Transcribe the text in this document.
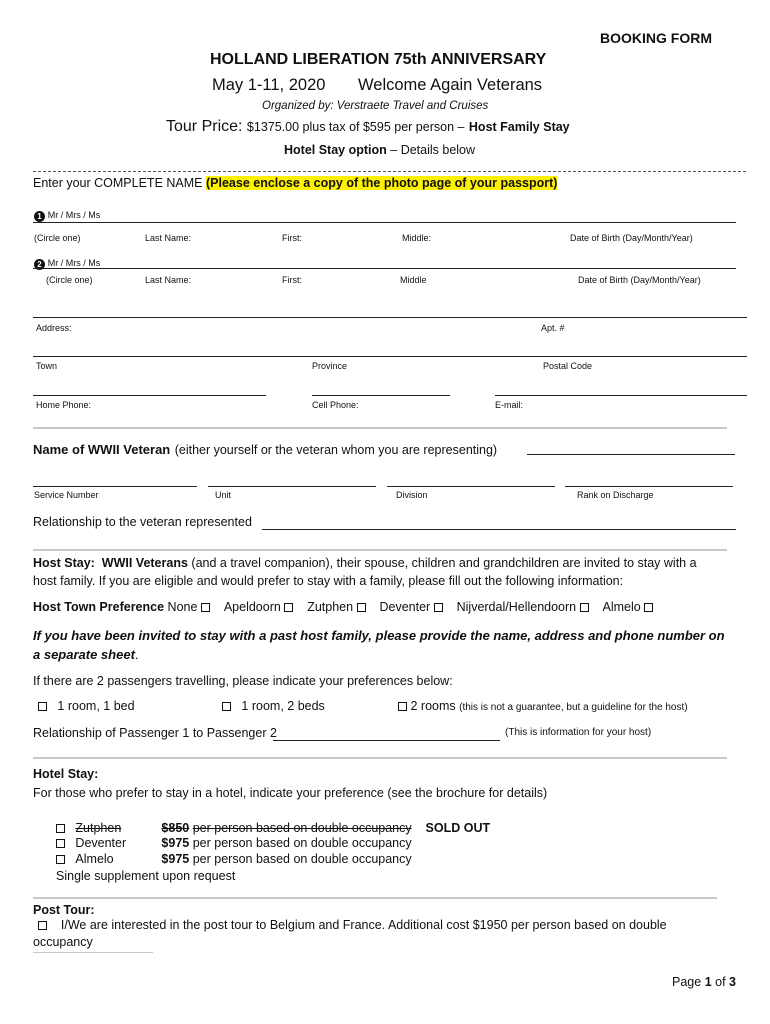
BOOKING FORM
HOLLAND LIBERATION 75th ANNIVERSARY
May 1-11, 2020 Welcome Again Veterans
Organized by: Verstraete Travel and Cruises
Tour Price: $1375.00 plus tax of $595 per person – Host Family Stay
Hotel Stay option – Details below
Enter your COMPLETE NAME (Please enclose a copy of the photo page of your passport)
1 Mr / Mrs / Ms
(Circle one)	Last Name:	First:	Middle:	Date of Birth (Day/Month/Year)
2 Mr / Mrs / Ms
(Circle one)	Last Name:	First:	Middle	Date of Birth (Day/Month/Year)
Address:	Apt. #
Town	Province	Postal Code
Home Phone:	Cell Phone:	E-mail:
Name of WWII Veteran (either yourself or the veteran whom you are representing)
Service Number	Unit	Division	Rank on Discharge
Relationship to the veteran represented
Host Stay: WWII Veterans (and a travel companion), their spouse, children and grandchildren are invited to stay with a
host family. If you are eligible and would prefer to stay with a family, please fill out the following information:
Host Town Preference None Apeldoorn Zutphen Deventer Nijverdal/Hellendoorn Almelo
If you have been invited to stay with a past host family, please provide the name, address and phone number on
a separate sheet.
If there are 2 passengers travelling, please indicate your preferences below:
1 room, 1 bed	1 room, 2 beds	2 rooms (this is not a guarantee, but a guideline for the host)
Relationship of Passenger 1 to Passenger 2	(This is information for your host)
Hotel Stay:
For those who prefer to stay in a hotel, indicate your preference (see the brochure for details)
Zutphen	$850 per person based on double occupancy SOLD OUT
Deventer	$975 per person based on double occupancy
Almelo	$975 per person based on double occupancy
Single supplement upon request
Post Tour:
I/We are interested in the post tour to Belgium and France. Additional cost $1950 per person based on double
occupancy
Page 1 of 3
